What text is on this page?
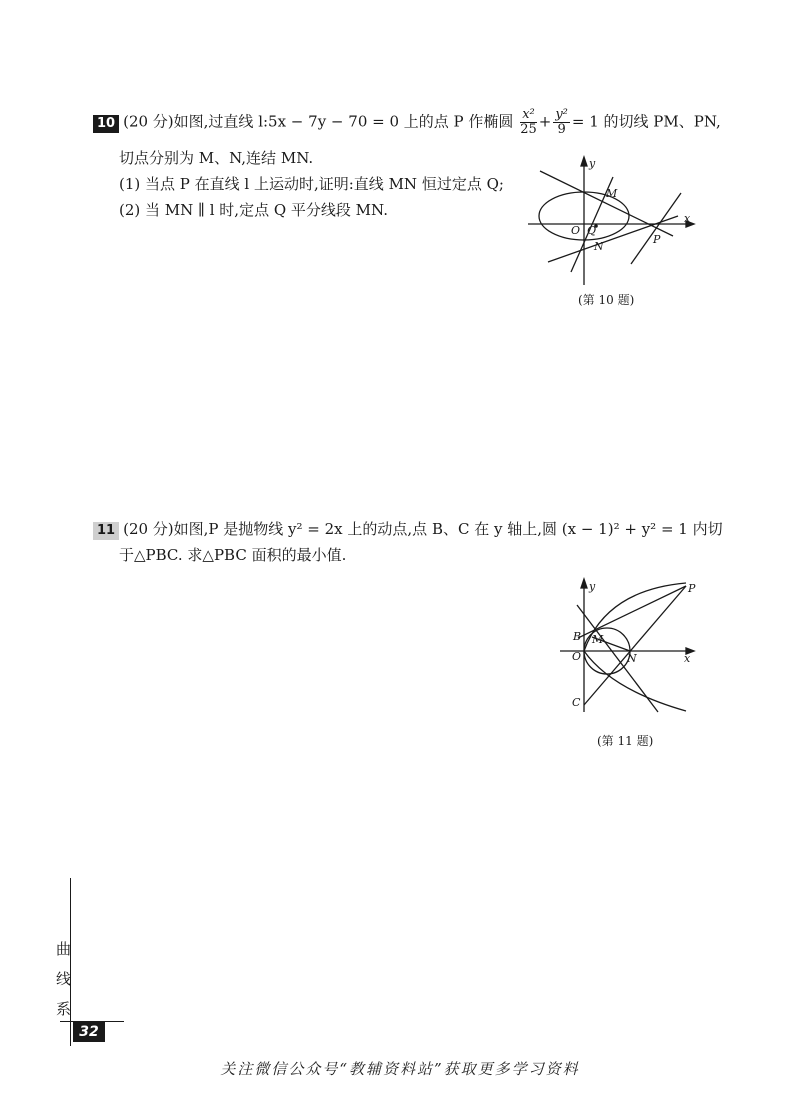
10 (20 分)如图,过直线 l:5x − 7y − 70 = 0 上的点 P 作椭圆 $\frac{\text{x²}}{25} + \frac{\text{y²}}{9} = 1$ 的切线 PM、PN,
切点分别为 M、N,连结 MN.
(1) 当点 P 在直线 l 上运动时,证明:直线 MN 恒过定点 Q;
(2) 当 MN ∥ l 时,定点 Q 平分线段 MN.
y
x
O Q
M
N
P
(第 10 题)
11 (20 分)如图,P 是抛物线 y² = 2x 上的动点,点 B、C 在 y 轴上,圆 (x − 1)² + y² = 1 内切
于△PBC. 求△PBC 面积的最小值.
y
x
P
B M
O	N
C
(第 11 题)
曲
线
系
32
关注微信公众号“教辅资料站”获取更多学习资料
